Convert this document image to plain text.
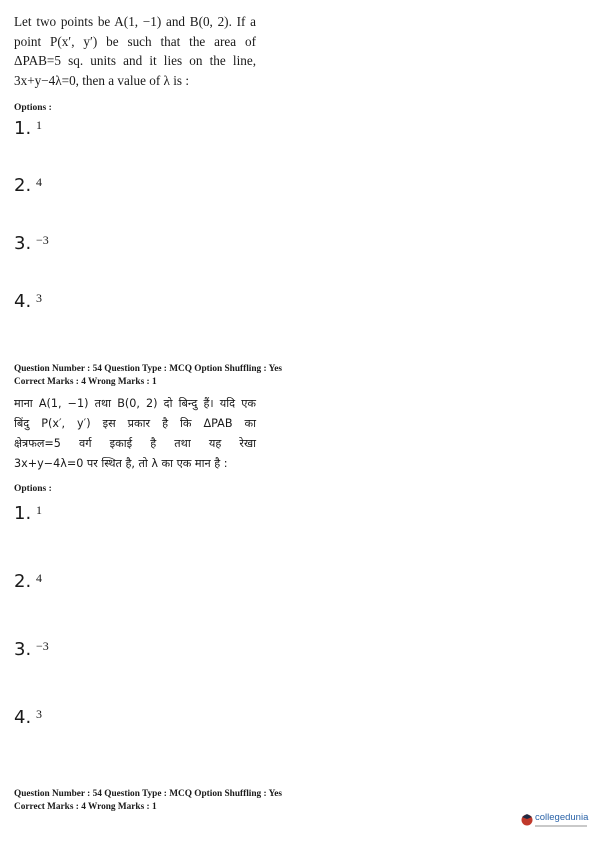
Let two points be A(1, −1) and B(0, 2). If a
point P(x′, y′) be such that the area of
ΔPAB=5 sq. units and it lies on the line,
3x+y−4λ=0, then a value of λ is :
Options :
1. $^1$
2. $^4$
3. $^{-3}$
4. $^3$
Question Number : 54 Question Type : MCQ Option Shuffling : Yes
Correct Marks : 4 Wrong Marks : 1
माना A(1, −1) तथा B(0, 2) दो बिन्दु हैं। यदि एक
बिंदु P(x′, y′) इस प्रकार है कि ΔPAB का
क्षेत्रफल=5 वर्ग इकाई है तथा यह रेखा
3x+y−4λ=0 पर स्थित है, तो λ का एक मान है :
Options :
1. $^1$
2. $^4$
3. $^{-3}$
4. $^3$
Question Number : 54 Question Type : MCQ Option Shuffling : Yes
Correct Marks : 4 Wrong Marks : 1
collegedunia
